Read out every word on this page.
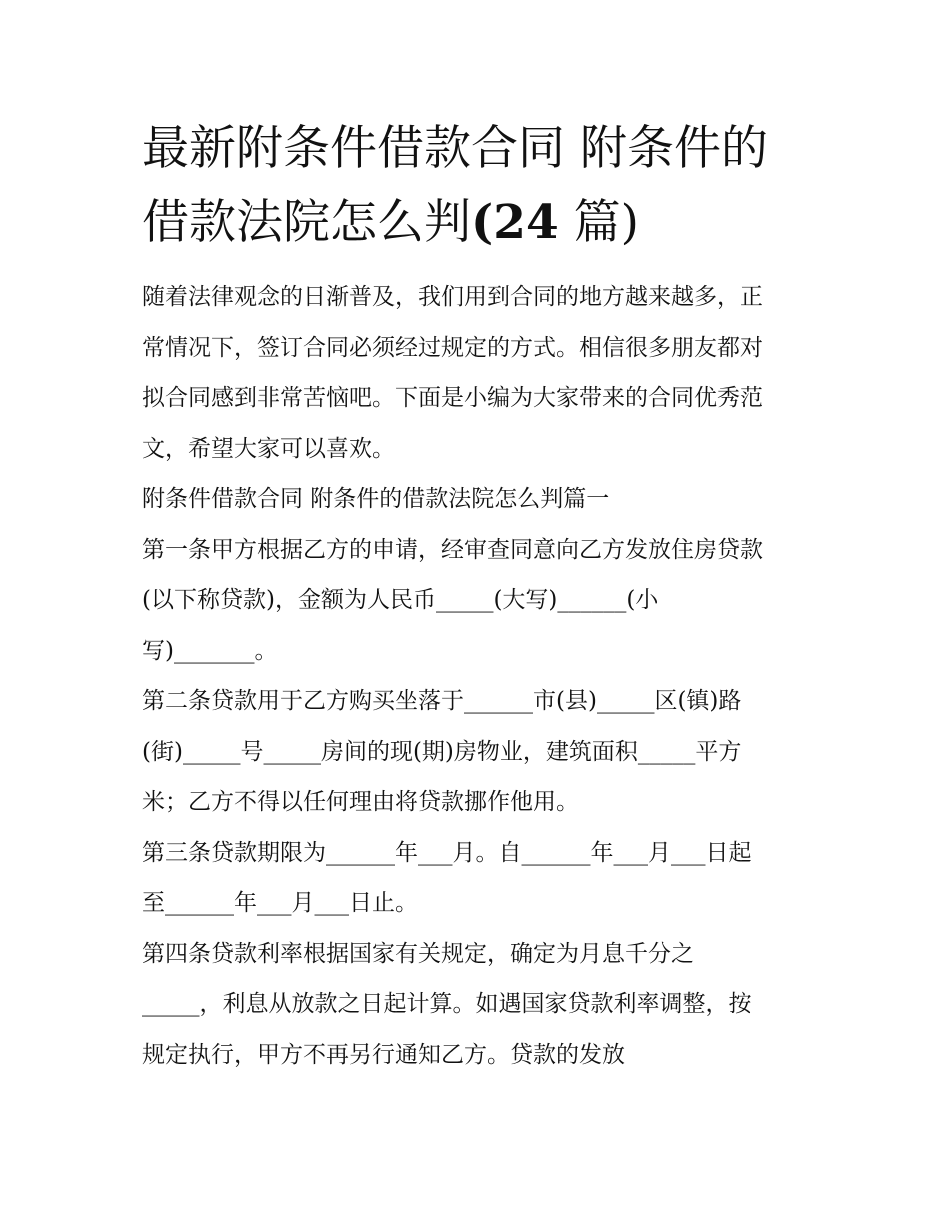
最新附条件借款合同 附条件的
借款法院怎么判(24 篇)

随着法律观念的日渐普及，我们用到合同的地方越来越多，正

常情况下，签订合同必须经过规定的方式。相信很多朋友都对

拟合同感到非常苦恼吧。下面是小编为大家带来的合同优秀范

文，希望大家可以喜欢。

附条件借款合同 附条件的借款法院怎么判篇一

第一条甲方根据乙方的申请，经审查同意向乙方发放住房贷款

(以下称贷款)，金额为人民币_____(大写)______(小

写)_______。

第二条贷款用于乙方购买坐落于______市(县)_____区(镇)路

(街)_____号_____房间的现(期)房物业，建筑面积_____平方

米；乙方不得以任何理由将贷款挪作他用。

第三条贷款期限为______年___月。自______年___月___日起

至______年___月___日止。

第四条贷款利率根据国家有关规定，确定为月息千分之

_____，利息从放款之日起计算。如遇国家贷款利率调整，按

规定执行，甲方不再另行通知乙方。贷款的发放
